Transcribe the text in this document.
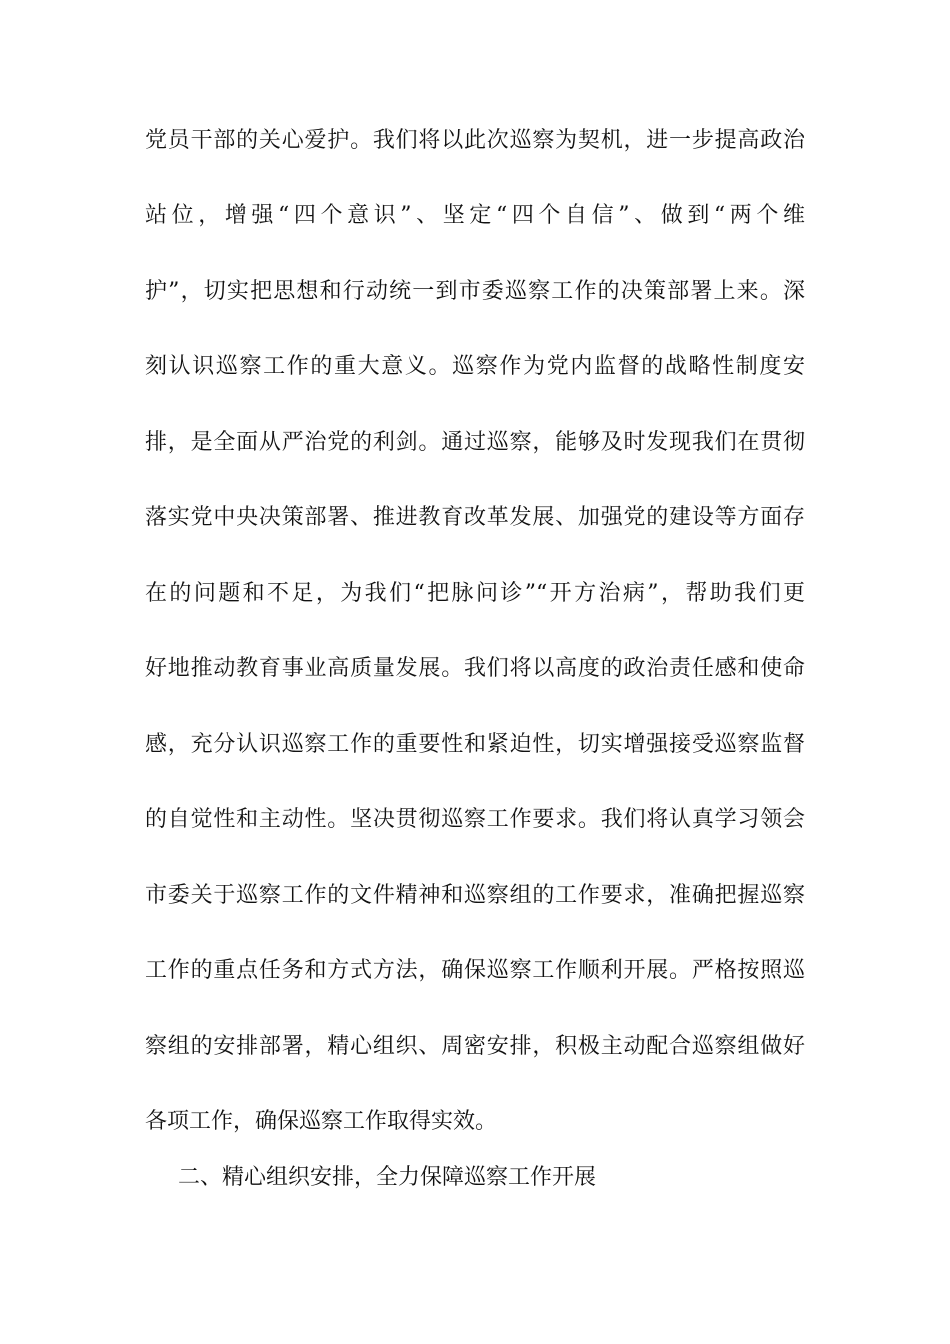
党员干部的关心爱护。我们将以此次巡察为契机，进一步提高政治
站位，增强“四个意识”、坚定“四个自信”、做到“两个维
护”，切实把思想和行动统一到市委巡察工作的决策部署上来。深
刻认识巡察工作的重大意义。巡察作为党内监督的战略性制度安
排，是全面从严治党的利剑。通过巡察，能够及时发现我们在贯彻
落实党中央决策部署、推进教育改革发展、加强党的建设等方面存
在的问题和不足，为我们“把脉问诊”“开方治病”，帮助我们更
好地推动教育事业高质量发展。我们将以高度的政治责任感和使命
感，充分认识巡察工作的重要性和紧迫性，切实增强接受巡察监督
的自觉性和主动性。坚决贯彻巡察工作要求。我们将认真学习领会
市委关于巡察工作的文件精神和巡察组的工作要求，准确把握巡察
工作的重点任务和方式方法，确保巡察工作顺利开展。严格按照巡
察组的安排部署，精心组织、周密安排，积极主动配合巡察组做好
各项工作，确保巡察工作取得实效。
二、精心组织安排，全力保障巡察工作开展
